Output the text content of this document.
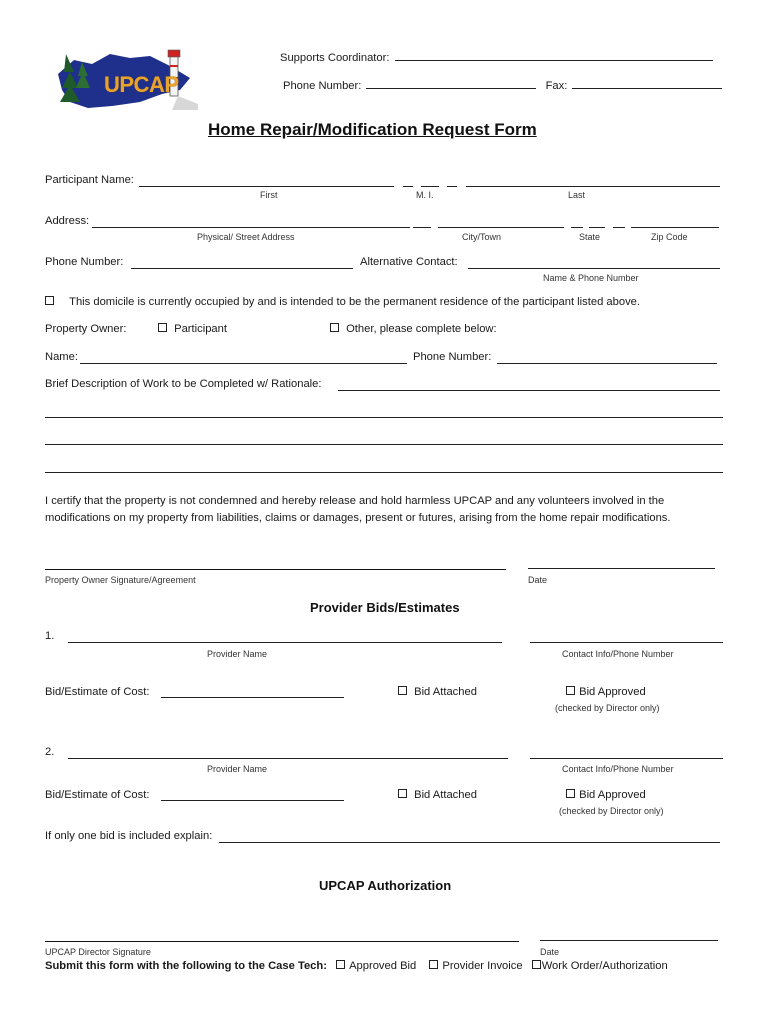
UPCAP
Supports Coordinator:
Phone Number:	Fax:
Home Repair/Modification Request Form
Participant Name:
First	M. I.	Last
Address:
Physical/ Street Address	City/Town	State	Zip Code
Phone Number:	Alternative Contact:
Name & Phone Number
This domicile is currently occupied by and is intended to be the permanent residence of the participant listed above.
Property Owner:	Participant	Other, please complete below:
Name:	Phone Number:
Brief Description of Work to be Completed w/ Rationale:
I certify that the property is not condemned and hereby release and hold harmless UPCAP and any volunteers involved in the
modifications on my property from liabilities, claims or damages, present or futures, arising from the home repair modifications.
Property Owner Signature/Agreement	Date
Provider Bids/Estimates
1.
Provider Name	Contact Info/Phone Number
Bid/Estimate of Cost:	Bid Attached	Bid Approved
(checked by Director only)
2.
Provider Name	Contact Info/Phone Number
Bid/Estimate of Cost:	Bid Attached	Bid Approved
(checked by Director only)
If only one bid is included explain:
UPCAP Authorization
UPCAP Director Signature	Date
Submit this form with the following to the Case Tech: Approved Bid Provider Invoice Work Order/Authorization
